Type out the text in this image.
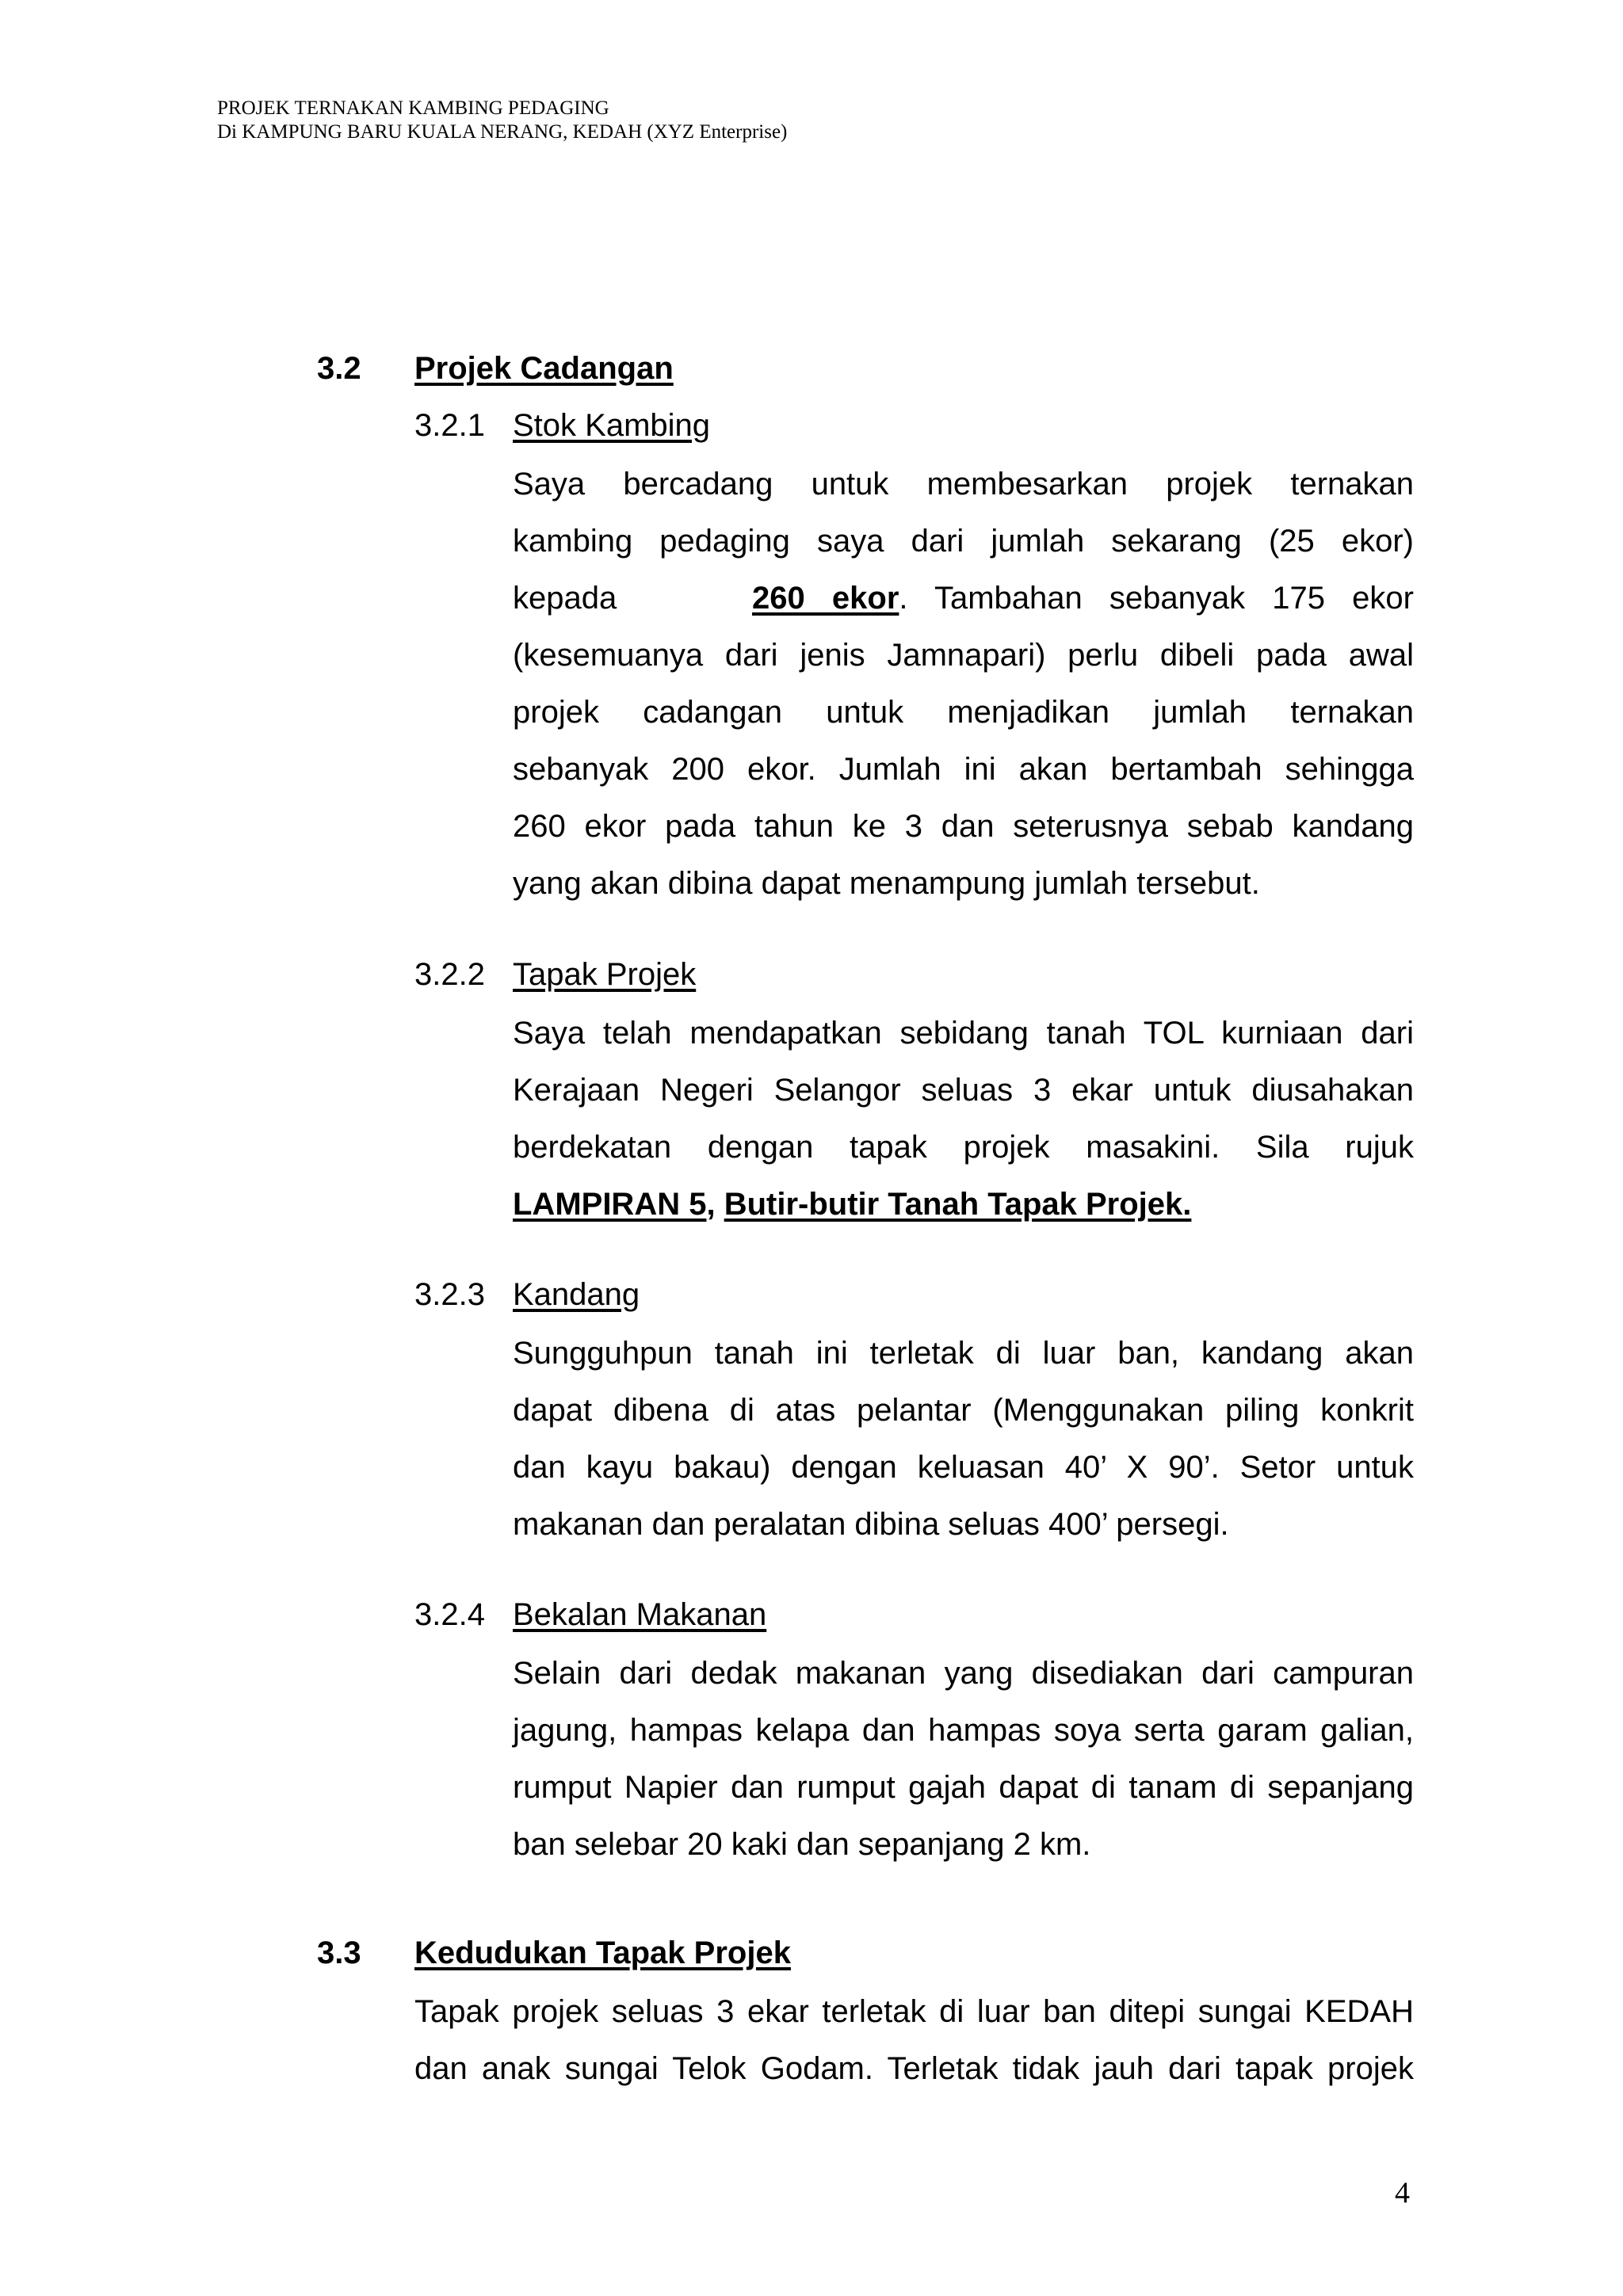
PROJEK TERNAKAN KAMBING PEDAGING
Di KAMPUNG BARU KUALA NERANG, KEDAH (XYZ Enterprise)
3.2 Projek Cadangan
3.2.1 Stok Kambing
Saya bercadang untuk membesarkan projek ternakan
kambing pedaging saya dari jumlah sekarang (25 ekor)
kepada	260 ekor. Tambahan sebanyak 175 ekor
(kesemuanya dari jenis Jamnapari) perlu dibeli pada awal
projek cadangan untuk menjadikan jumlah ternakan
sebanyak 200 ekor. Jumlah ini akan bertambah sehingga
260 ekor pada tahun ke 3 dan seterusnya sebab kandang
yang akan dibina dapat menampung jumlah tersebut.
3.2.2 Tapak Projek
Saya telah mendapatkan sebidang tanah TOL kurniaan dari
Kerajaan Negeri Selangor seluas 3 ekar untuk diusahakan
berdekatan dengan tapak projek masakini. Sila rujuk
LAMPIRAN 5, Butir-butir Tanah Tapak Projek.
3.2.3 Kandang
Sungguhpun tanah ini terletak di luar ban, kandang akan
dapat dibena di atas pelantar (Menggunakan piling konkrit
dan kayu bakau) dengan keluasan 40’ X 90’. Setor untuk
makanan dan peralatan dibina seluas 400’ persegi.
3.2.4 Bekalan Makanan
Selain dari dedak makanan yang disediakan dari campuran
jagung, hampas kelapa dan hampas soya serta garam galian,
rumput Napier dan rumput gajah dapat di tanam di sepanjang
ban selebar 20 kaki dan sepanjang 2 km.
3.3 Kedudukan Tapak Projek
Tapak projek seluas 3 ekar terletak di luar ban ditepi sungai KEDAH
dan anak sungai Telok Godam. Terletak tidak jauh dari tapak projek
4
